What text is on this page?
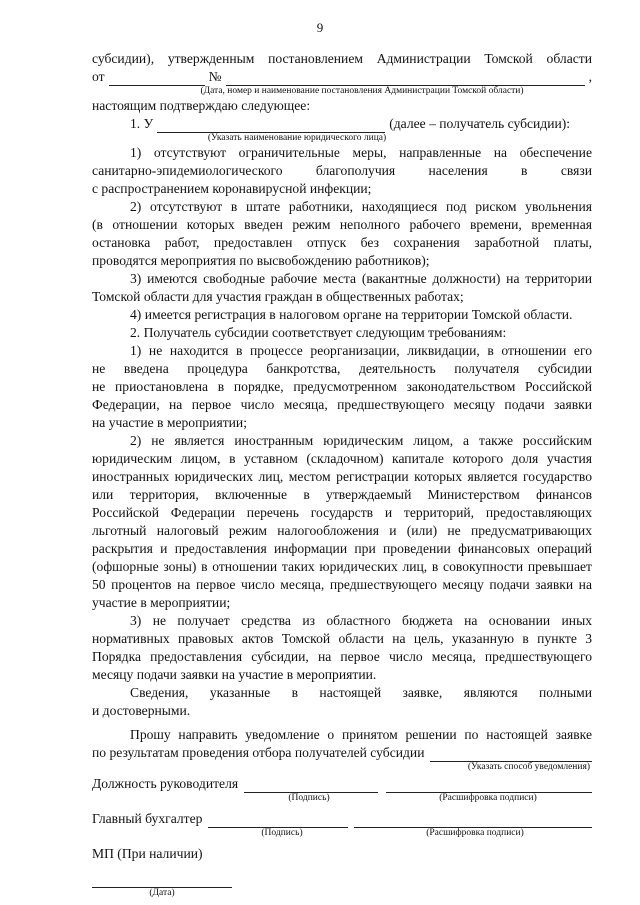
9
субсидии), утвержденным постановлением Администрации Томской области
от	№	,
(Дата, номер и наименование постановления Администрации Томской области)
настоящим подтверждаю следующее:
1. У	(далее – получатель субсидии):
(Указать наименование юридического лица)
1) отсутствуют ограничительные меры, направленные на обеспечение
санитарно-эпидемиологического благополучия населения в связи
с распространением коронавирусной инфекции;
2) отсутствуют в штате работники, находящиеся под риском увольнения
(в отношении которых введен режим неполного рабочего времени, временная
остановка работ, предоставлен отпуск без сохранения заработной платы,
проводятся мероприятия по высвобождению работников);
3) имеются свободные рабочие места (вакантные должности) на территории
Томской области для участия граждан в общественных работах;
4) имеется регистрация в налоговом органе на территории Томской области.
2. Получатель субсидии соответствует следующим требованиям:
1) не находится в процессе реорганизации, ликвидации, в отношении его
не введена процедура банкротства, деятельность получателя субсидии
не приостановлена в порядке, предусмотренном законодательством Российской
Федерации, на первое число месяца, предшествующего месяцу подачи заявки
на участие в мероприятии;
2) не является иностранным юридическим лицом, а также российским
юридическим лицом, в уставном (складочном) капитале которого доля участия
иностранных юридических лиц, местом регистрации которых является государство
или территория, включенные в утверждаемый Министерством финансов
Российской Федерации перечень государств и территорий, предоставляющих
льготный налоговый режим налогообложения и (или) не предусматривающих
раскрытия и предоставления информации при проведении финансовых операций
(офшорные зоны) в отношении таких юридических лиц, в совокупности превышает
50 процентов на первое число месяца, предшествующего месяцу подачи заявки на
участие в мероприятии;
3) не получает средства из областного бюджета на основании иных
нормативных правовых актов Томской области на цель, указанную в пункте 3
Порядка предоставления субсидии, на первое число месяца, предшествующего
месяцу подачи заявки на участие в мероприятии.
Сведения, указанные в настоящей заявке, являются полными
и достоверными.
Прошу направить уведомление о принятом решении по настоящей заявке
по результатам проведения отбора получателей субсидии
(Указать способ уведомления)
Должность руководителя
(Подпись)	(Расшифровка подписи)
Главный бухгалтер
(Подпись)	(Расшифровка подписи)
МП (При наличии)
(Дата)
